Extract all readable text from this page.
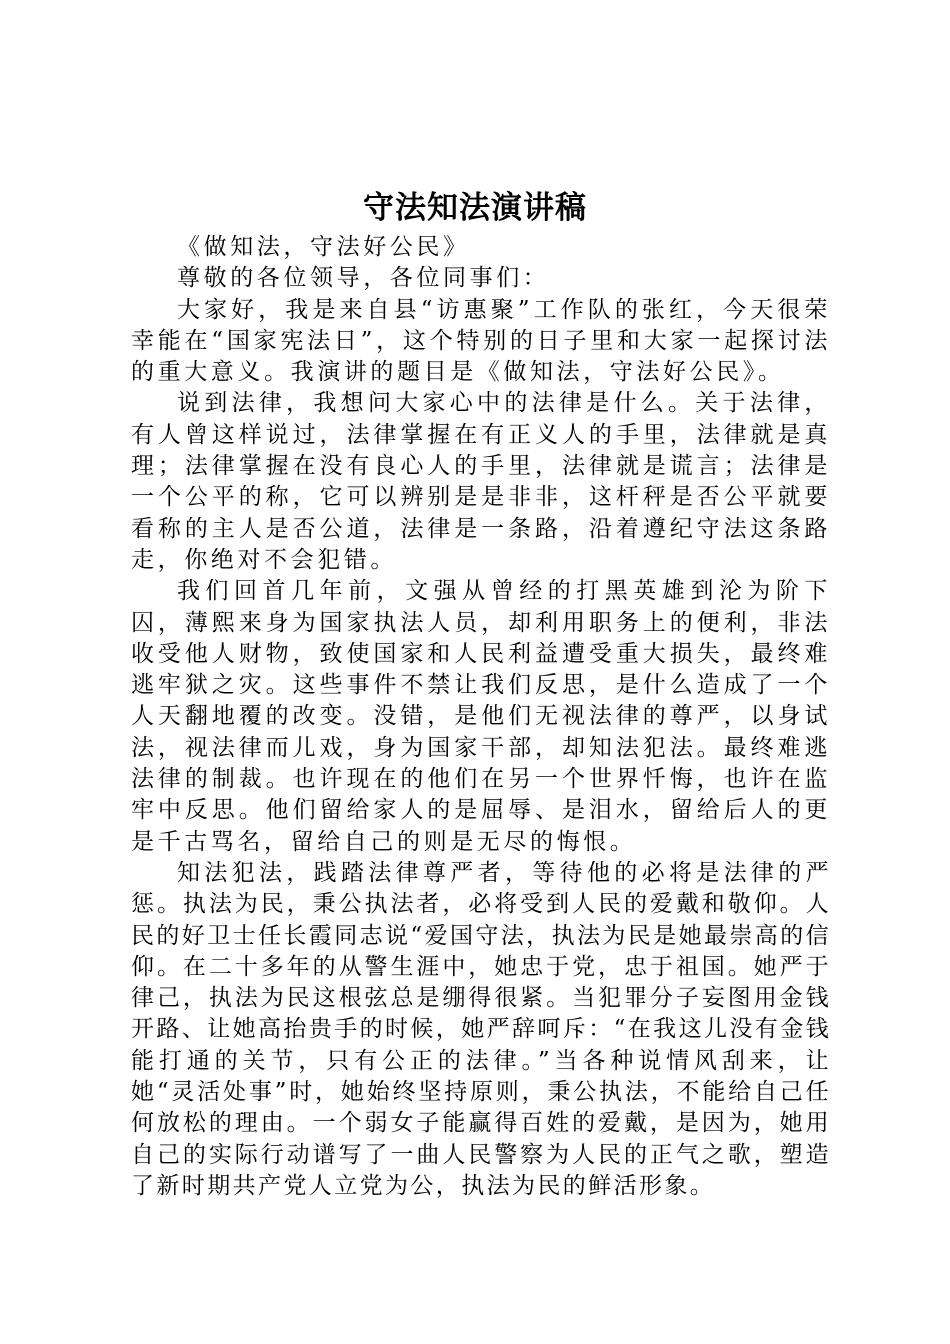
守法知法演讲稿

《做知法，守法好公民》

尊敬的各位领导，各位同事们：

大家好，我是来自县“访惠聚”工作队的张红，今天很荣幸能在“国家宪法日”，这个特别的日子里和大家一起探讨法的重大意义。我演讲的题目是《做知法，守法好公民》。

说到法律，我想问大家心中的法律是什么。关于法律，有人曾这样说过，法律掌握在有正义人的手里，法律就是真理；法律掌握在没有良心人的手里，法律就是谎言；法律是一个公平的称，它可以辨别是是非非，这杆秤是否公平就要看称的主人是否公道，法律是一条路，沿着遵纪守法这条路走，你绝对不会犯错。

我们回首几年前，文强从曾经的打黑英雄到沦为阶下囚，薄熙来身为国家执法人员，却利用职务上的便利，非法收受他人财物，致使国家和人民利益遭受重大损失，最终难逃牢狱之灾。这些事件不禁让我们反思，是什么造成了一个人天翻地覆的改变。没错，是他们无视法律的尊严，以身试法，视法律而儿戏，身为国家干部，却知法犯法。最终难逃法律的制裁。也许现在的他们在另一个世界忏悔，也许在监牢中反思。他们留给家人的是屈辱、是泪水，留给后人的更是千古骂名，留给自己的则是无尽的悔恨。

知法犯法，践踏法律尊严者，等待他的必将是法律的严惩。执法为民，秉公执法者，必将受到人民的爱戴和敬仰。人民的好卫士任长霞同志说“爱国守法，执法为民是她最崇高的信仰。在二十多年的从警生涯中，她忠于党，忠于祖国。她严于律己，执法为民这根弦总是绷得很紧。当犯罪分子妄图用金钱开路、让她高抬贵手的时候，她严辞呵斥：“在我这儿没有金钱能打通的关节，只有公正的法律。”当各种说情风刮来，让她“灵活处事”时，她始终坚持原则，秉公执法，不能给自己任何放松的理由。一个弱女子能赢得百姓的爱戴，是因为，她用自己的实际行动谱写了一曲人民警察为人民的正气之歌，塑造了新时期共产党人立党为公，执法为民的鲜活形象。
